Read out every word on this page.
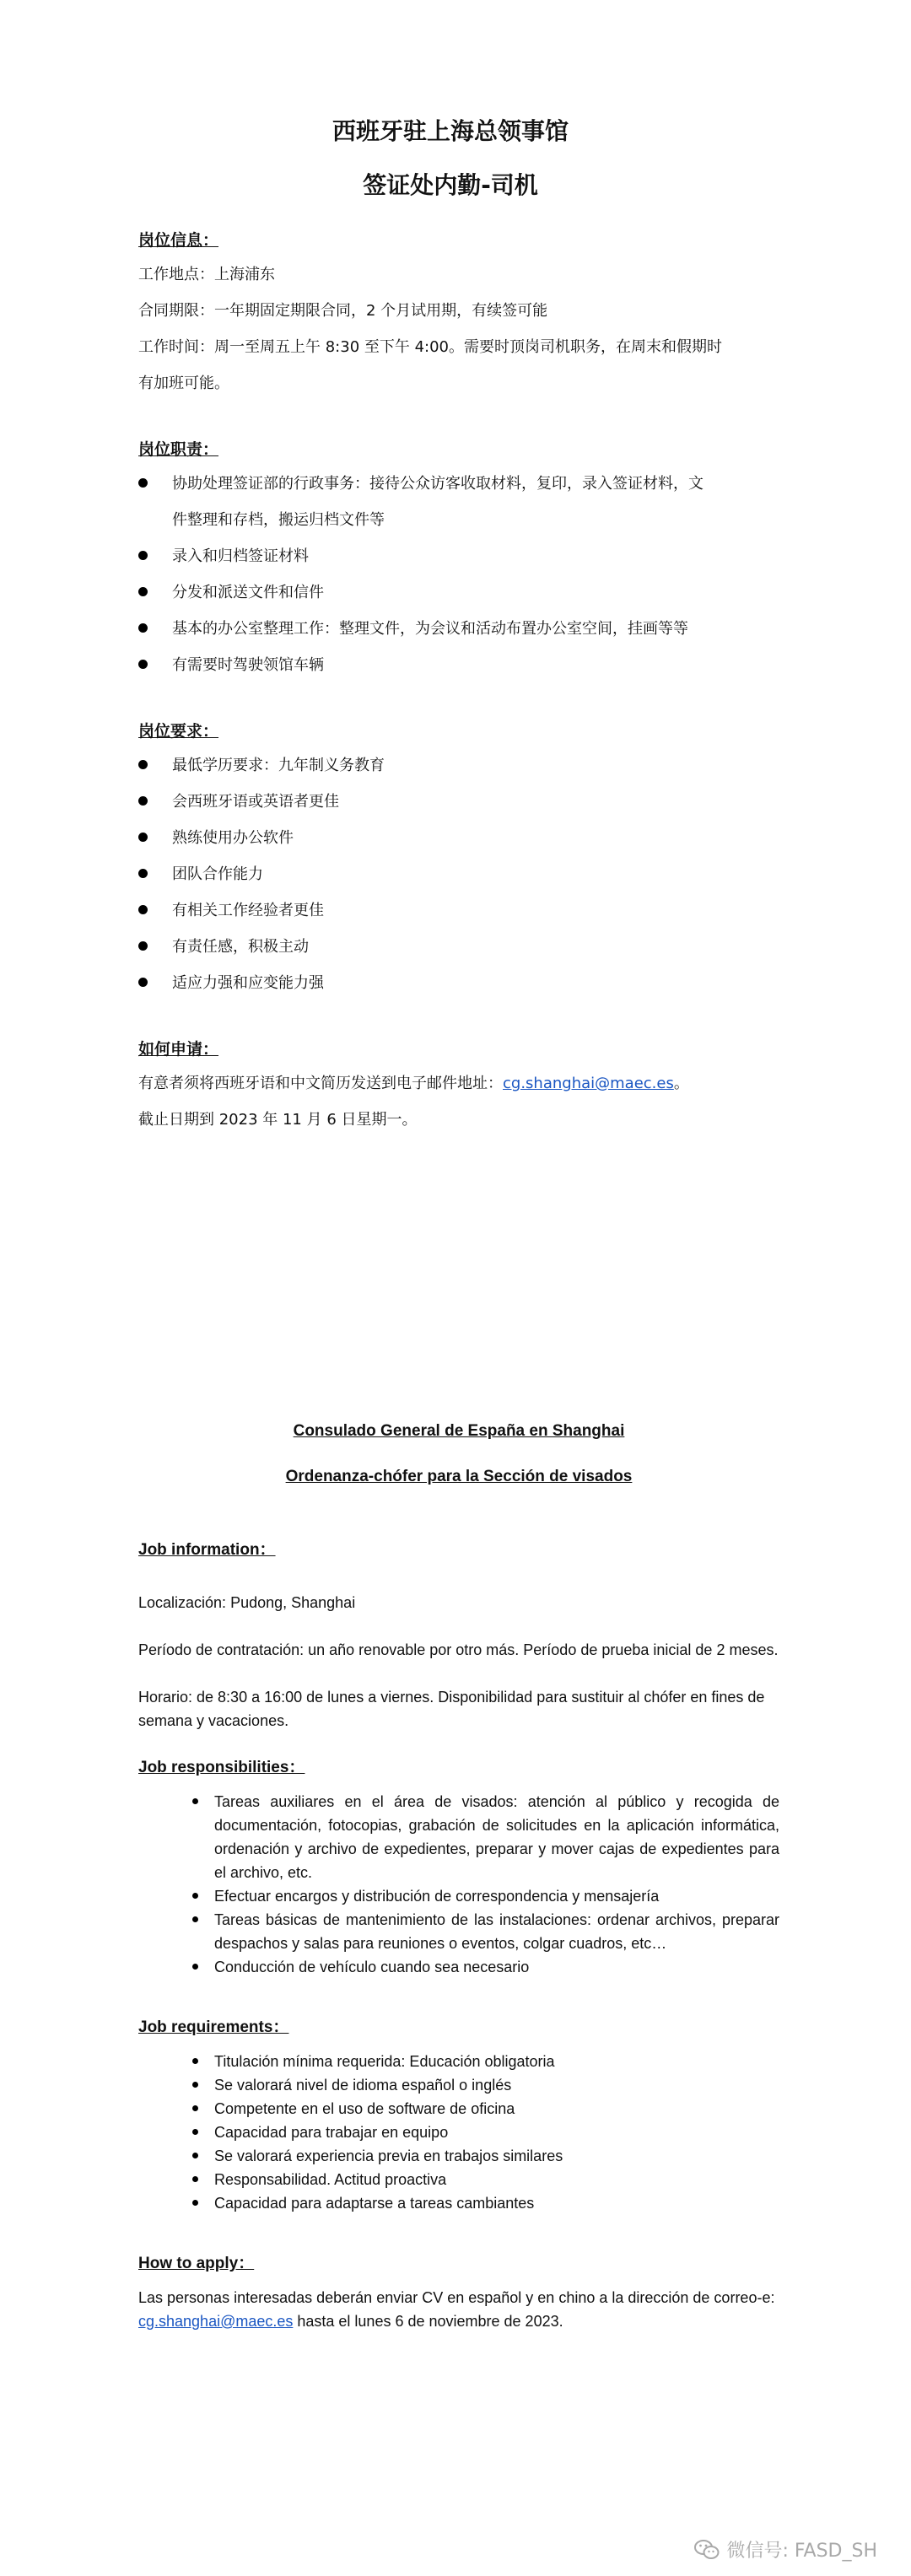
西班牙驻上海总领事馆
签证处内勤-司机
岗位信息：
工作地点：上海浦东
合同期限：一年期固定期限合同，2 个月试用期，有续签可能
工作时间：周一至周五上午 8:30 至下午 4:00。需要时顶岗司机职务，在周末和假期时
有加班可能。
岗位职责：
协助处理签证部的行政事务：接待公众访客收取材料，复印，录入签证材料，文
件整理和存档，搬运归档文件等
录入和归档签证材料
分发和派送文件和信件
基本的办公室整理工作：整理文件，为会议和活动布置办公室空间，挂画等等
有需要时驾驶领馆车辆
岗位要求：
最低学历要求：九年制义务教育
会西班牙语或英语者更佳
熟练使用办公软件
团队合作能力
有相关工作经验者更佳
有责任感，积极主动
适应力强和应变能力强
如何申请：
有意者须将西班牙语和中文简历发送到电子邮件地址：cg.shanghai@maec.es。
截止日期到 2023 年 11 月 6 日星期一。
Consulado General de España en Shanghai
Ordenanza-chófer para la Sección de visados
Job information：
Localización: Pudong, Shanghai
Período de contratación: un año renovable por otro más. Período de prueba inicial de 2 meses.
Horario: de 8:30 a 16:00 de lunes a viernes. Disponibilidad para sustituir al chófer en fines de semana y vacaciones.
Job responsibilities：
Tareas auxiliares en el área de visados: atención al público y recogida de documentación, fotocopias, grabación de solicitudes en la aplicación informática, ordenación y archivo de expedientes, preparar y mover cajas de expedientes para el archivo, etc.
Efectuar encargos y distribución de correspondencia y mensajería
Tareas básicas de mantenimiento de las instalaciones: ordenar archivos, preparar despachos y salas para reuniones o eventos, colgar cuadros, etc…
Conducción de vehículo cuando sea necesario
Job requirements：
Titulación mínima requerida: Educación obligatoria
Se valorará nivel de idioma español o inglés
Competente en el uso de software de oficina
Capacidad para trabajar en equipo
Se valorará experiencia previa en trabajos similares
Responsabilidad. Actitud proactiva
Capacidad para adaptarse a tareas cambiantes
How to apply：
Las personas interesadas deberán enviar CV en español y en chino a la dirección de correo-e: cg.shanghai@maec.es hasta el lunes 6 de noviembre de 2023.
微信号: FASD_SH
